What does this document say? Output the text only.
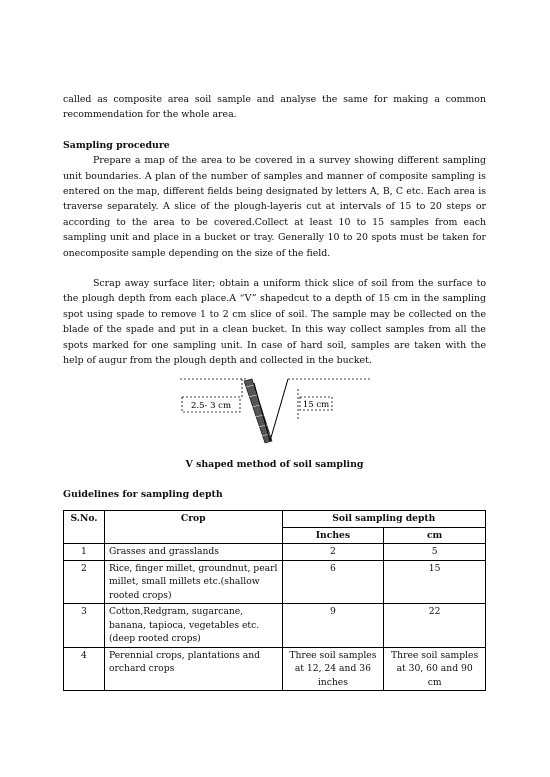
called as composite area soil sample and analyse the same for making a common recommendation for the whole area.

Sampling procedure

Prepare a map of the area to be covered in a survey showing different sampling unit boundaries. A plan of the number of samples and manner of composite sampling is entered on the map, different fields being designated by letters A, B, C etc. Each area is traverse separately. A slice of the plough-layeris cut at intervals of 15 to 20 steps or according to the area to be covered.Collect at least 10 to 15 samples from each sampling unit and place in a bucket or tray. Generally 10 to 20 spots must be taken for onecomposite sample depending on the size of the field.

Scrap away surface liter; obtain a uniform thick slice of soil from the surface to the plough depth from each place.A “V” shapedcut to a depth of 15 cm in the sampling spot using spade to remove 1 to 2 cm slice of soil. The sample may be collected on the blade of the spade and put in a clean bucket. In this way collect samples from all the spots marked for one sampling unit. In case of hard soil, samples are taken with the help of augur from the plough depth and collected in the bucket.

2.5- 3 cm	15 cm

V shaped method of soil sampling

Guidelines for sampling depth

S.No.	Crop	Soil sampling depth	
		Inches	cm
1	Grasses and grasslands	2	5
2	Rice, finger millet, groundnut, pearl millet, small millets etc.(shallow rooted crops)	6	15
3	Cotton,Redgram, sugarcane, banana, tapioca, vegetables etc. (deep rooted crops)	9	22
4	Perennial crops, plantations and orchard crops	Three soil samples at 12, 24 and 36 inches	Three soil samples at 30, 60 and 90 cm
